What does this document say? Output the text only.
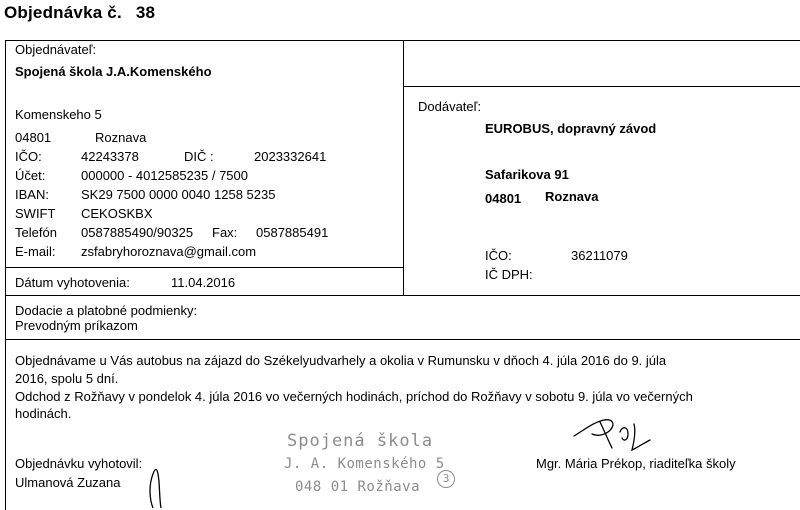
Objednávka č. 38
Objednávateľ:
Spojená škola J.A.Komenského
Komenskeho 5
04801	Roznava
IČO:	42243378	DIČ :	2023332641
Účet:	000000 - 4012585235 / 7500
IBAN: SK29 7500 0000 0040 1258 5235
SWIFT CEKOSKBX
Telefón 0587885490/90325 Fax: 0587885491
E-mail: zsfabryhoroznava@gmail.com
Dátum vyhotovenia:	11.04.2016
Dodávateľ:
EUROBUS, dopravný závod
Safarikova 91
04801 Roznava
IČO:	36211079
IČ DPH:
Dodacie a platobné podmienky:
Prevodným príkazom
Objednávame u Vás autobus na zájazd do Székelyudvarhely a okolia v Rumunsku v dňoch 4. júla 2016 do 9. júla
2016, spolu 5 dní.
Odchod z Rožňavy v pondelok 4. júla 2016 vo večerných hodinách, príchod do Rožňavy v sobotu 9. júla vo večerných
hodinách.
Objednávku vyhotovil:
Ulmanová Zuzana
Spojená škola
J. A. Komenského 5
048 01 Rožňava
3
Mgr. Mária Prékop, riaditeľka školy
